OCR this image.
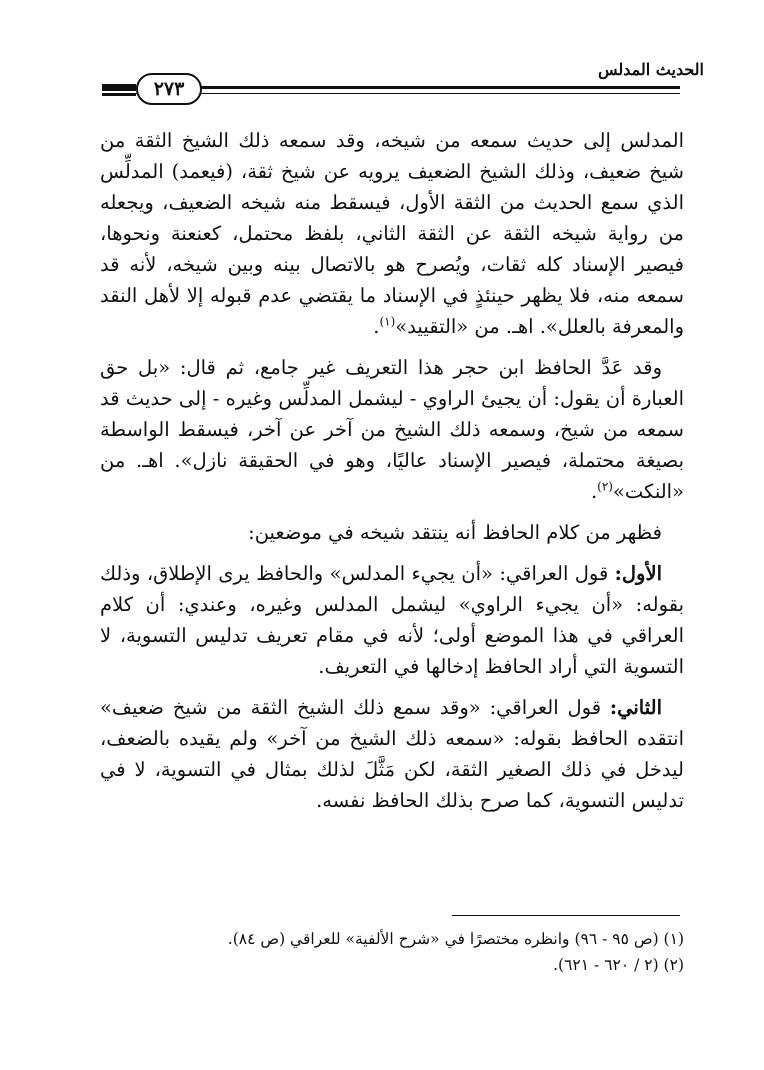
الحديث المدلس
٢٧٣

المدلس إلى حديث سمعه من شيخه، وقد سمعه ذلك الشيخ الثقة من شيخ ضعيف، وذلك الشيخ الضعيف يرويه عن شيخ ثقة، (فيعمد) المدلِّس الذي سمع الحديث من الثقة الأول، فيسقط منه شيخه الضعيف، ويجعله من رواية شيخه الثقة عن الثقة الثاني، بلفظ محتمل، كعنعنة ونحوها، فيصير الإسناد كله ثقات، ويُصرح هو بالاتصال بينه وبين شيخه، لأنه قد سمعه منه، فلا يظهر حينئذٍ في الإسناد ما يقتضي عدم قبوله إلا لأهل النقد والمعرفة بالعلل». اهـ. من «التقييد»$^{(١)}$.

وقد عَدَّ الحافظ ابن حجر هذا التعريف غير جامع، ثم قال: «بل حق العبارة أن يقول: أن يجيئ الراوي - ليشمل المدلِّس وغيره - إلى حديث قد سمعه من شيخ، وسمعه ذلك الشيخ من آخر عن آخر، فيسقط الواسطة بصيغة محتملة، فيصير الإسناد عاليًا، وهو في الحقيقة نازل». اهـ. من «النكت»$^{(٢)}$.

فظهر من كلام الحافظ أنه ينتقد شيخه في موضعين:

الأول: قول العراقي: «أن يجيء المدلس» والحافظ يرى الإطلاق، وذلك بقوله: «أن يجيء الراوي» ليشمل المدلس وغيره، وعندي: أن كلام العراقي في هذا الموضع أولى؛ لأنه في مقام تعريف تدليس التسوية، لا التسوية التي أراد الحافظ إدخالها في التعريف.

الثاني: قول العراقي: «وقد سمع ذلك الشيخ الثقة من شيخ ضعيف» انتقده الحافظ بقوله: «سمعه ذلك الشيخ من آخر» ولم يقيده بالضعف، ليدخل في ذلك الصغير الثقة، لكن مَثَّلَ لذلك بمثال في التسوية، لا في تدليس التسوية، كما صرح بذلك الحافظ نفسه.

(١) (ص ٩٥ - ٩٦) وانظره مختصرًا في «شرح الألفية» للعراقي (ص ٨٤).
(٢) (٢ / ٦٢٠ - ٦٢١).
